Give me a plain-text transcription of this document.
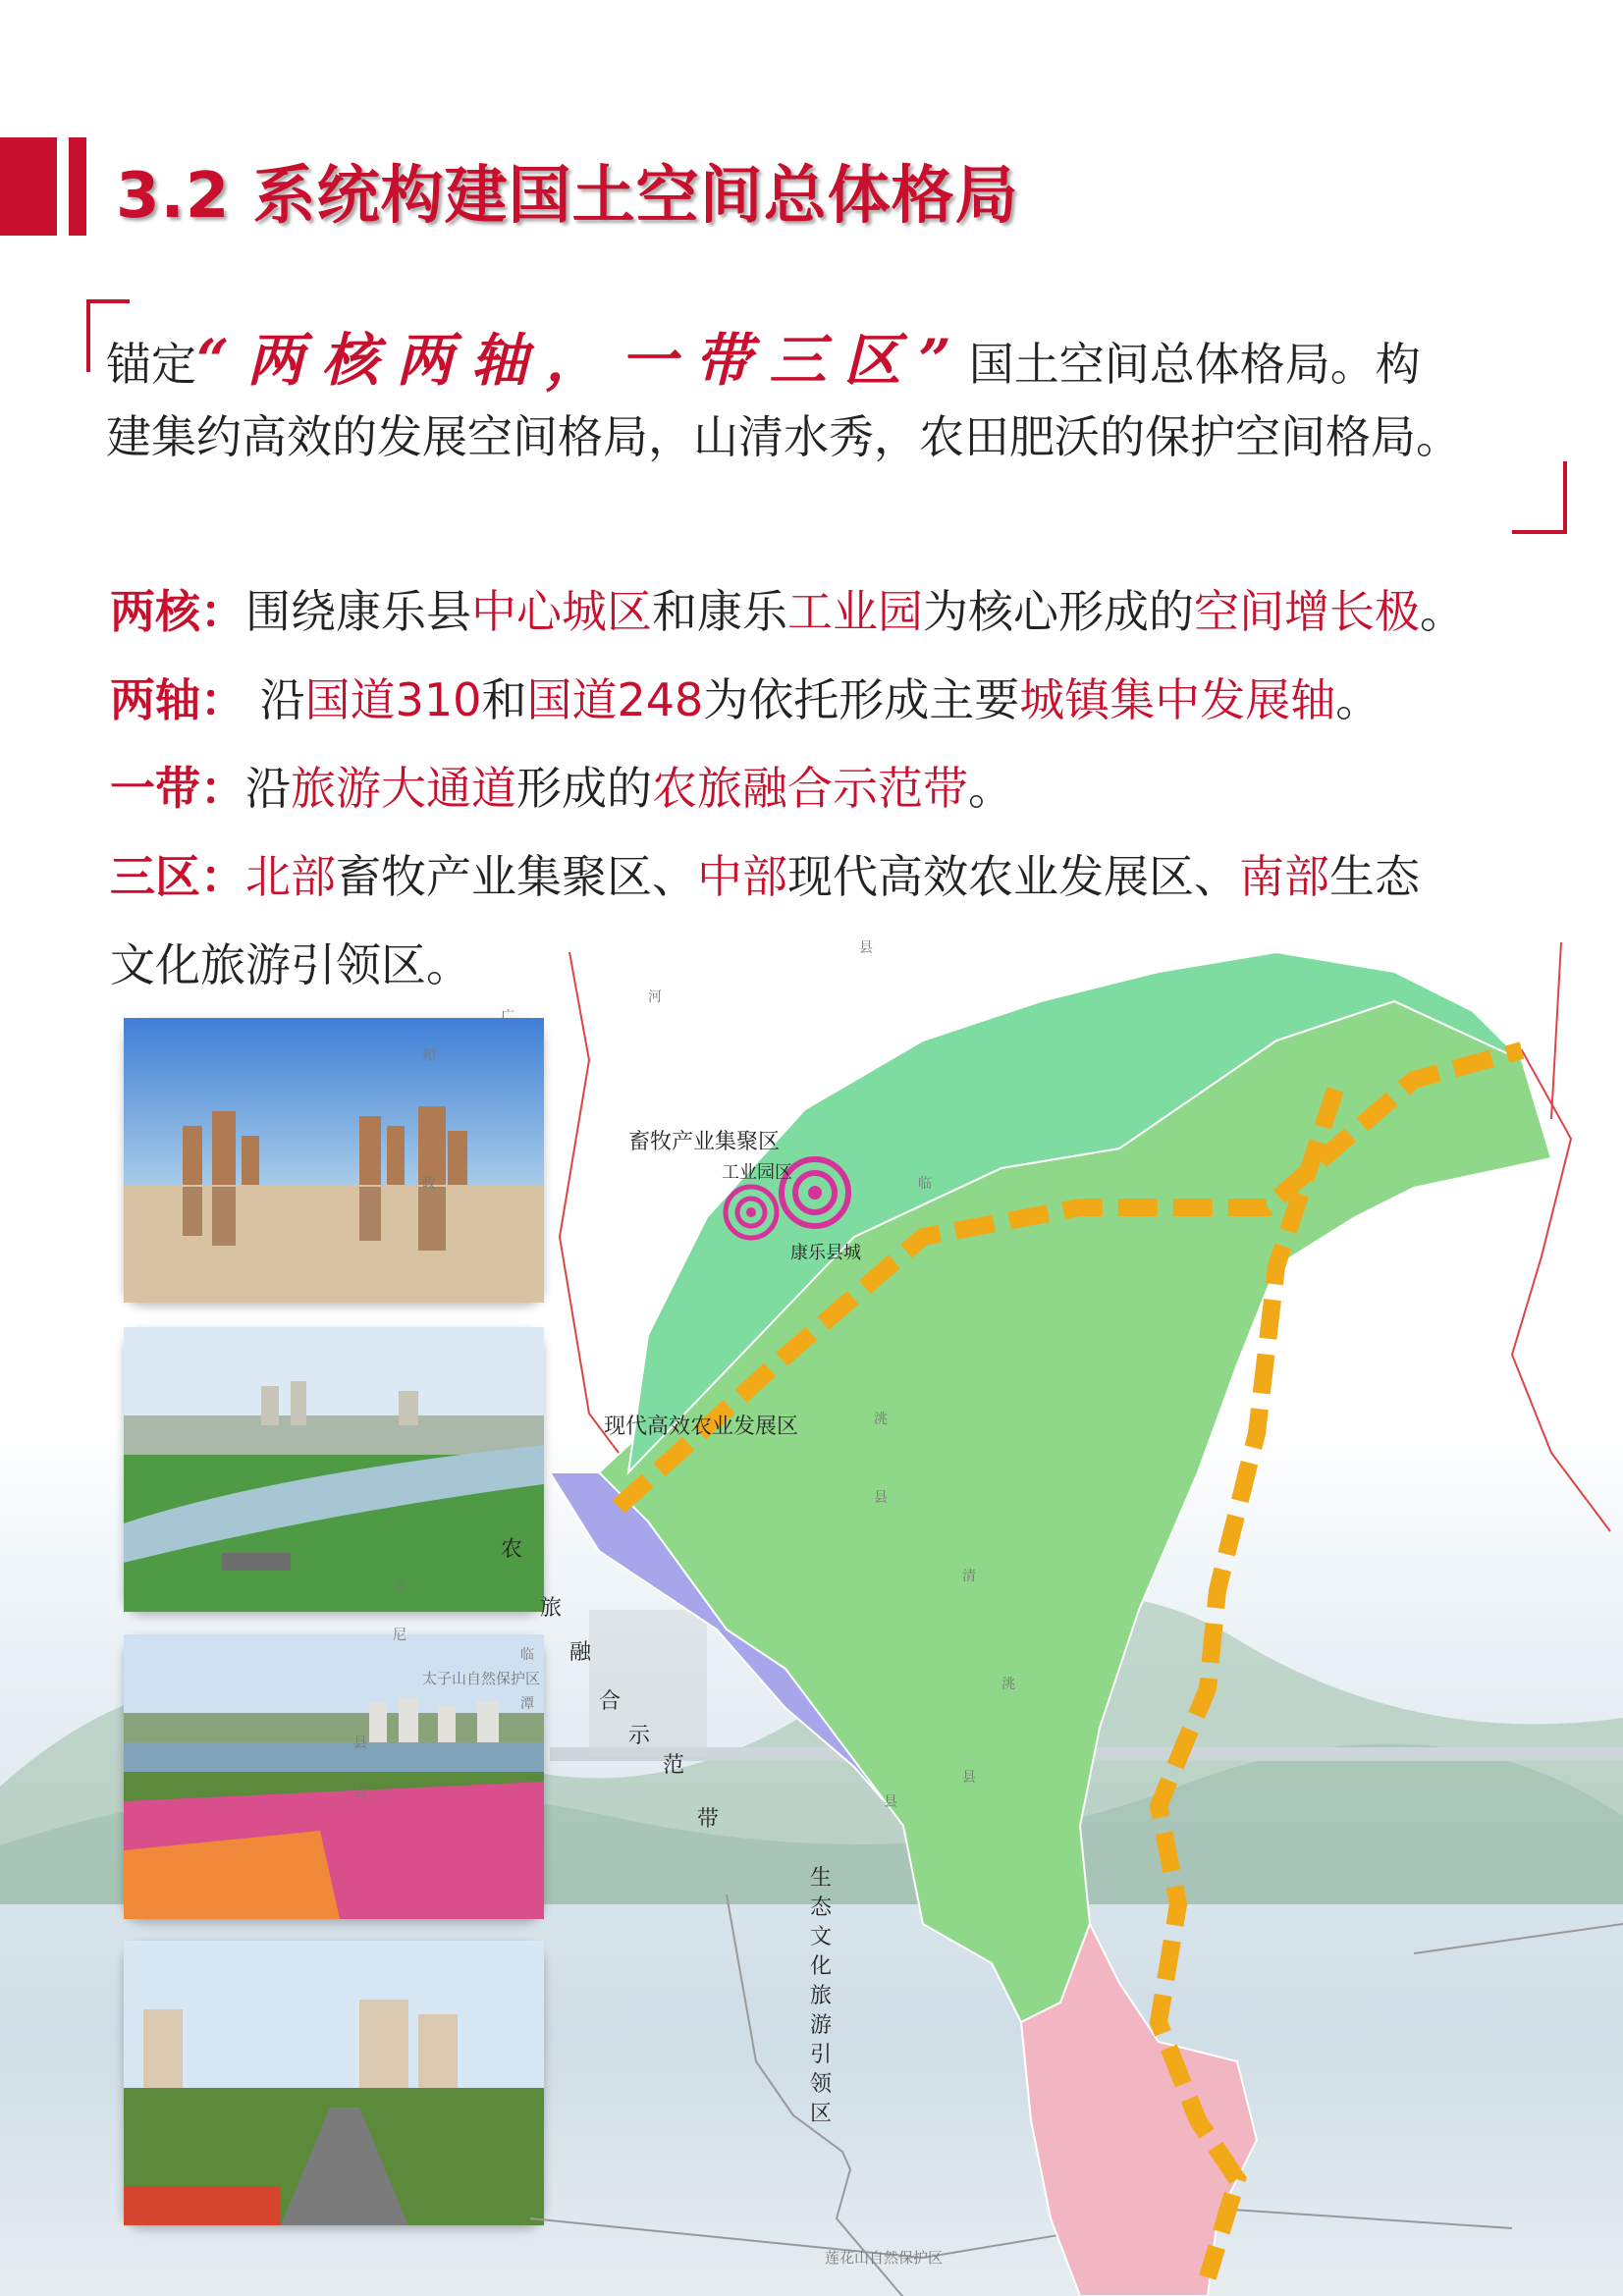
3.2 系统构建国土空间总体格局
锚定“两核两轴，一带三区”国土空间总体格局。构
建集约高效的发展空间格局，山清水秀，农田肥沃的保护空间格局。
两核：围绕康乐县中心城区和康乐工业园为核心形成的空间增长极。
两轴： 沿国道310和国道248为依托形成主要城镇集中发展轴。
一带：沿旅游大通道形成的农旅融合示范带。
三区：北部畜牧产业集聚区、中部现代高效农业发展区、南部生态
文化旅游引领区。
畜牧产业集聚区
工业园区
康乐县城
现代高效农业发展区
农
旅
融
合
示
范
带
生
态
文
化
旅
游
引
领
区
太子山自然保护区
莲花山自然保护区
河
县
广
和
政	临
洮
县
清
卓
尼
临
潭
县
县
洮
县
县
